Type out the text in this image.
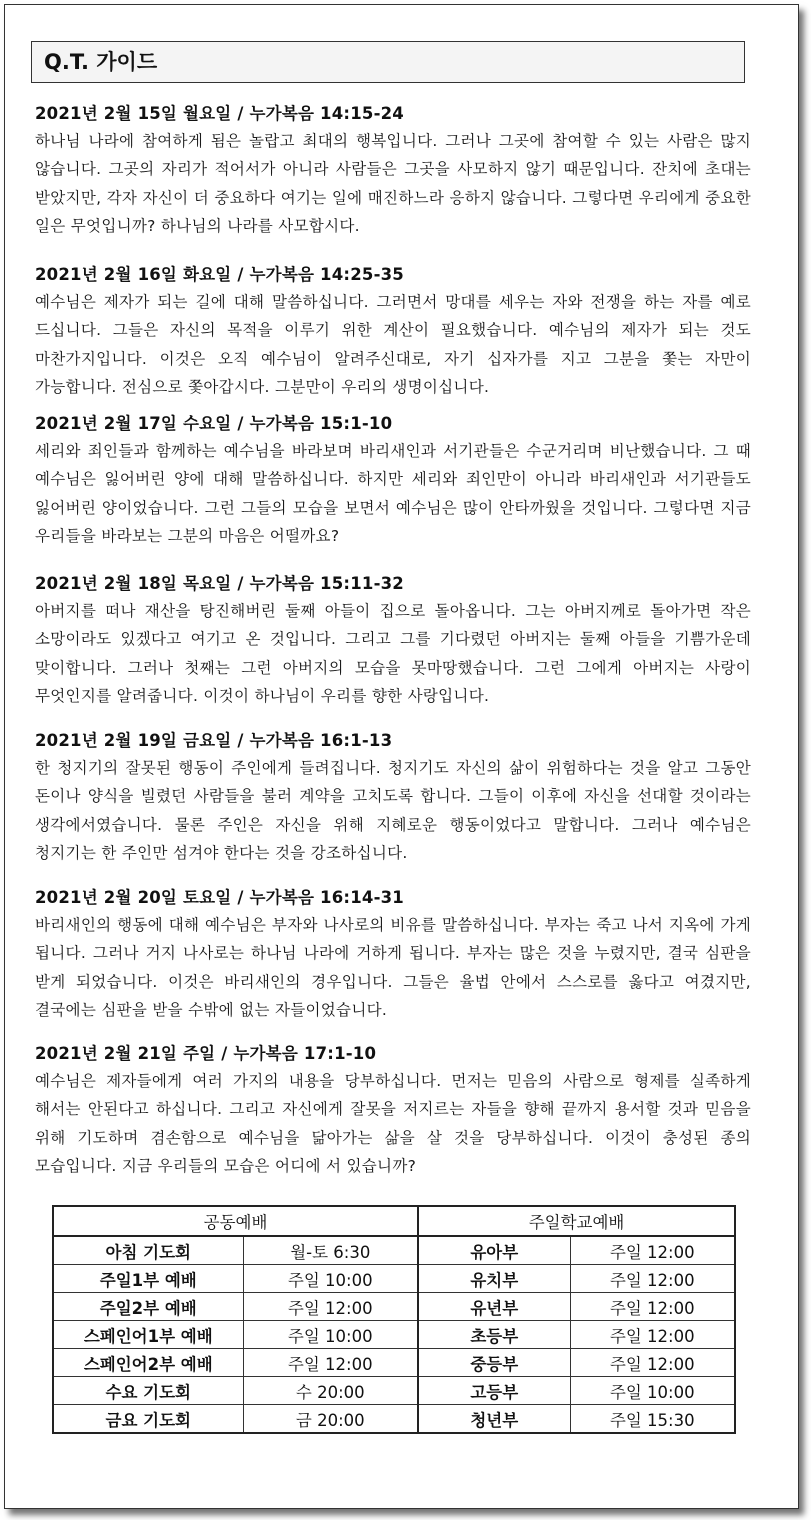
Q.T. 가이드
2021년 2월 15일 월요일 / 누가복음 14:15-24

하나님 나라에 참여하게 됨은 놀랍고 최대의 행복입니다. 그러나 그곳에 참여할 수 있는 사람은 많지 않습니다. 그곳의 자리가 적어서가 아니라 사람들은 그곳을 사모하지 않기 때문입니다. 잔치에 초대는 받았지만, 각자 자신이 더 중요하다 여기는 일에 매진하느라 응하지 않습니다. 그렇다면 우리에게 중요한 일은 무엇입니까? 하나님의 나라를 사모합시다.

2021년 2월 16일 화요일 / 누가복음 14:25-35

예수님은 제자가 되는 길에 대해 말씀하십니다. 그러면서 망대를 세우는 자와 전쟁을 하는 자를 예로 드십니다. 그들은 자신의 목적을 이루기 위한 계산이 필요했습니다. 예수님의 제자가 되는 것도 마찬가지입니다. 이것은 오직 예수님이 알려주신대로, 자기 십자가를 지고 그분을 쫓는 자만이 가능합니다. 전심으로 쫓아갑시다. 그분만이 우리의 생명이십니다.

2021년 2월 17일 수요일 / 누가복음 15:1-10

세리와 죄인들과 함께하는 예수님을 바라보며 바리새인과 서기관들은 수군거리며 비난했습니다. 그 때 예수님은 잃어버린 양에 대해 말씀하십니다. 하지만 세리와 죄인만이 아니라 바리새인과 서기관들도 잃어버린 양이었습니다. 그런 그들의 모습을 보면서 예수님은 많이 안타까웠을 것입니다. 그렇다면 지금 우리들을 바라보는 그분의 마음은 어떨까요?

2021년 2월 18일 목요일 / 누가복음 15:11-32

아버지를 떠나 재산을 탕진해버린 둘째 아들이 집으로 돌아옵니다. 그는 아버지께로 돌아가면 작은 소망이라도 있겠다고 여기고 온 것입니다. 그리고 그를 기다렸던 아버지는 둘째 아들을 기쁨가운데 맞이합니다. 그러나 첫째는 그런 아버지의 모습을 못마땅했습니다. 그런 그에게 아버지는 사랑이 무엇인지를 알려줍니다. 이것이 하나님이 우리를 향한 사랑입니다.

2021년 2월 19일 금요일 / 누가복음 16:1-13

한 청지기의 잘못된 행동이 주인에게 들려집니다. 청지기도 자신의 삶이 위험하다는 것을 알고 그동안 돈이나 양식을 빌렸던 사람들을 불러 계약을 고치도록 합니다. 그들이 이후에 자신을 선대할 것이라는 생각에서였습니다. 물론 주인은 자신을 위해 지혜로운 행동이었다고 말합니다. 그러나 예수님은 청지기는 한 주인만 섬겨야 한다는 것을 강조하십니다.

2021년 2월 20일 토요일 / 누가복음 16:14-31

바리새인의 행동에 대해 예수님은 부자와 나사로의 비유를 말씀하십니다. 부자는 죽고 나서 지옥에 가게 됩니다. 그러나 거지 나사로는 하나님 나라에 거하게 됩니다. 부자는 많은 것을 누렸지만, 결국 심판을 받게 되었습니다. 이것은 바리새인의 경우입니다. 그들은 율법 안에서 스스로를 옳다고 여겼지만, 결국에는 심판을 받을 수밖에 없는 자들이었습니다.

2021년 2월 21일 주일 / 누가복음 17:1-10

예수님은 제자들에게 여러 가지의 내용을 당부하십니다. 먼저는 믿음의 사람으로 형제를 실족하게 해서는 안된다고 하십니다. 그리고 자신에게 잘못을 저지르는 자들을 향해 끝까지 용서할 것과 믿음을 위해 기도하며 겸손함으로 예수님을 닮아가는 삶을 살 것을 당부하십니다. 이것이 충성된 종의 모습입니다. 지금 우리들의 모습은 어디에 서 있습니까?

공동예배		주일학교예배	
아침 기도회	월-토 6:30	유아부	주일 12:00
주일1부 예배	주일 10:00	유치부	주일 12:00
주일2부 예배	주일 12:00	유년부	주일 12:00
스페인어1부 예배	주일 10:00	초등부	주일 12:00
스페인어2부 예배	주일 12:00	중등부	주일 12:00
수요 기도회	수 20:00	고등부	주일 10:00
금요 기도회	금 20:00	청년부	주일 15:30
